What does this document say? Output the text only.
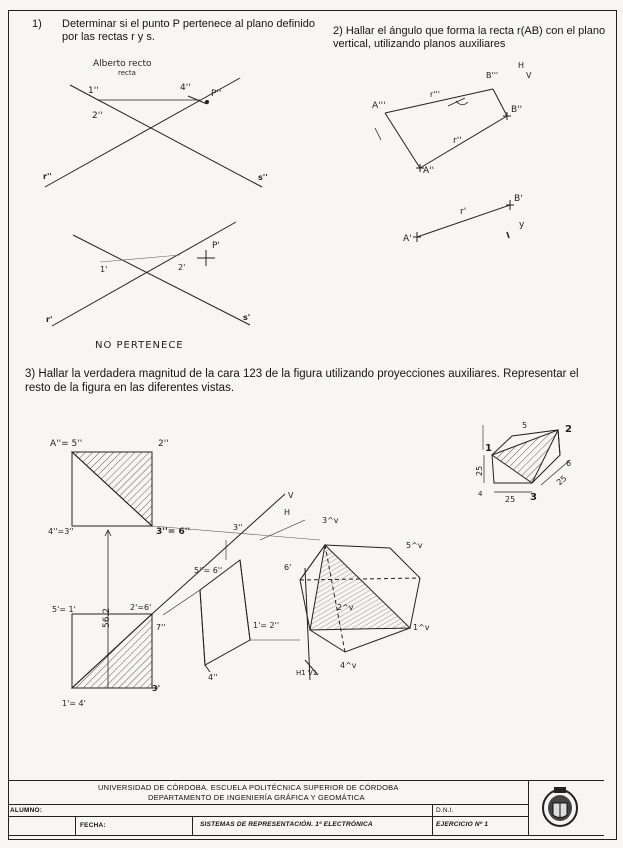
1) Determinar si el punto P pertenece al plano definido por las rectas r y s.	2) Hallar el ángulo que forma la recta r(AB) con el plano vertical, utilizando planos auxiliares
3) Hallar la verdadera magnitud de la cara 123 de la figura utilizando proyecciones auxiliares. Representar el resto de la figura en las diferentes vistas.
Alberto recto
recta
P''
4''
1''
2''
r''	s''
P'
1'	2'
r'	s'
NO PERTENECE
A'''
r'''
B'''
H
V
B''
r''
A''
B'
r'
A'
y
A''= 5''	2''
4''=3''	3''= 6''
56.2
5'= 1'	2'=6'
3'
1'= 4'
5''= 6''
7''
3''
4''
1'= 2''
H
V
6'
3^v
5^v
2^v
1^v
4^v
H1 V1
1
2
3
4
5
6
25
25
25
UNIVERSIDAD DE CÓRDOBA. ESCUELA POLITÉCNICA SUPERIOR DE CÓRDOBA
DEPARTAMENTO DE INGENIERÍA GRÁFICA Y GEOMÁTICA
ALUMNO:	D.N.I.
FECHA:	SISTEMAS DE REPRESENTACIÓN. 1º ELECTRÓNICA	EJERCICIO Nº 1
